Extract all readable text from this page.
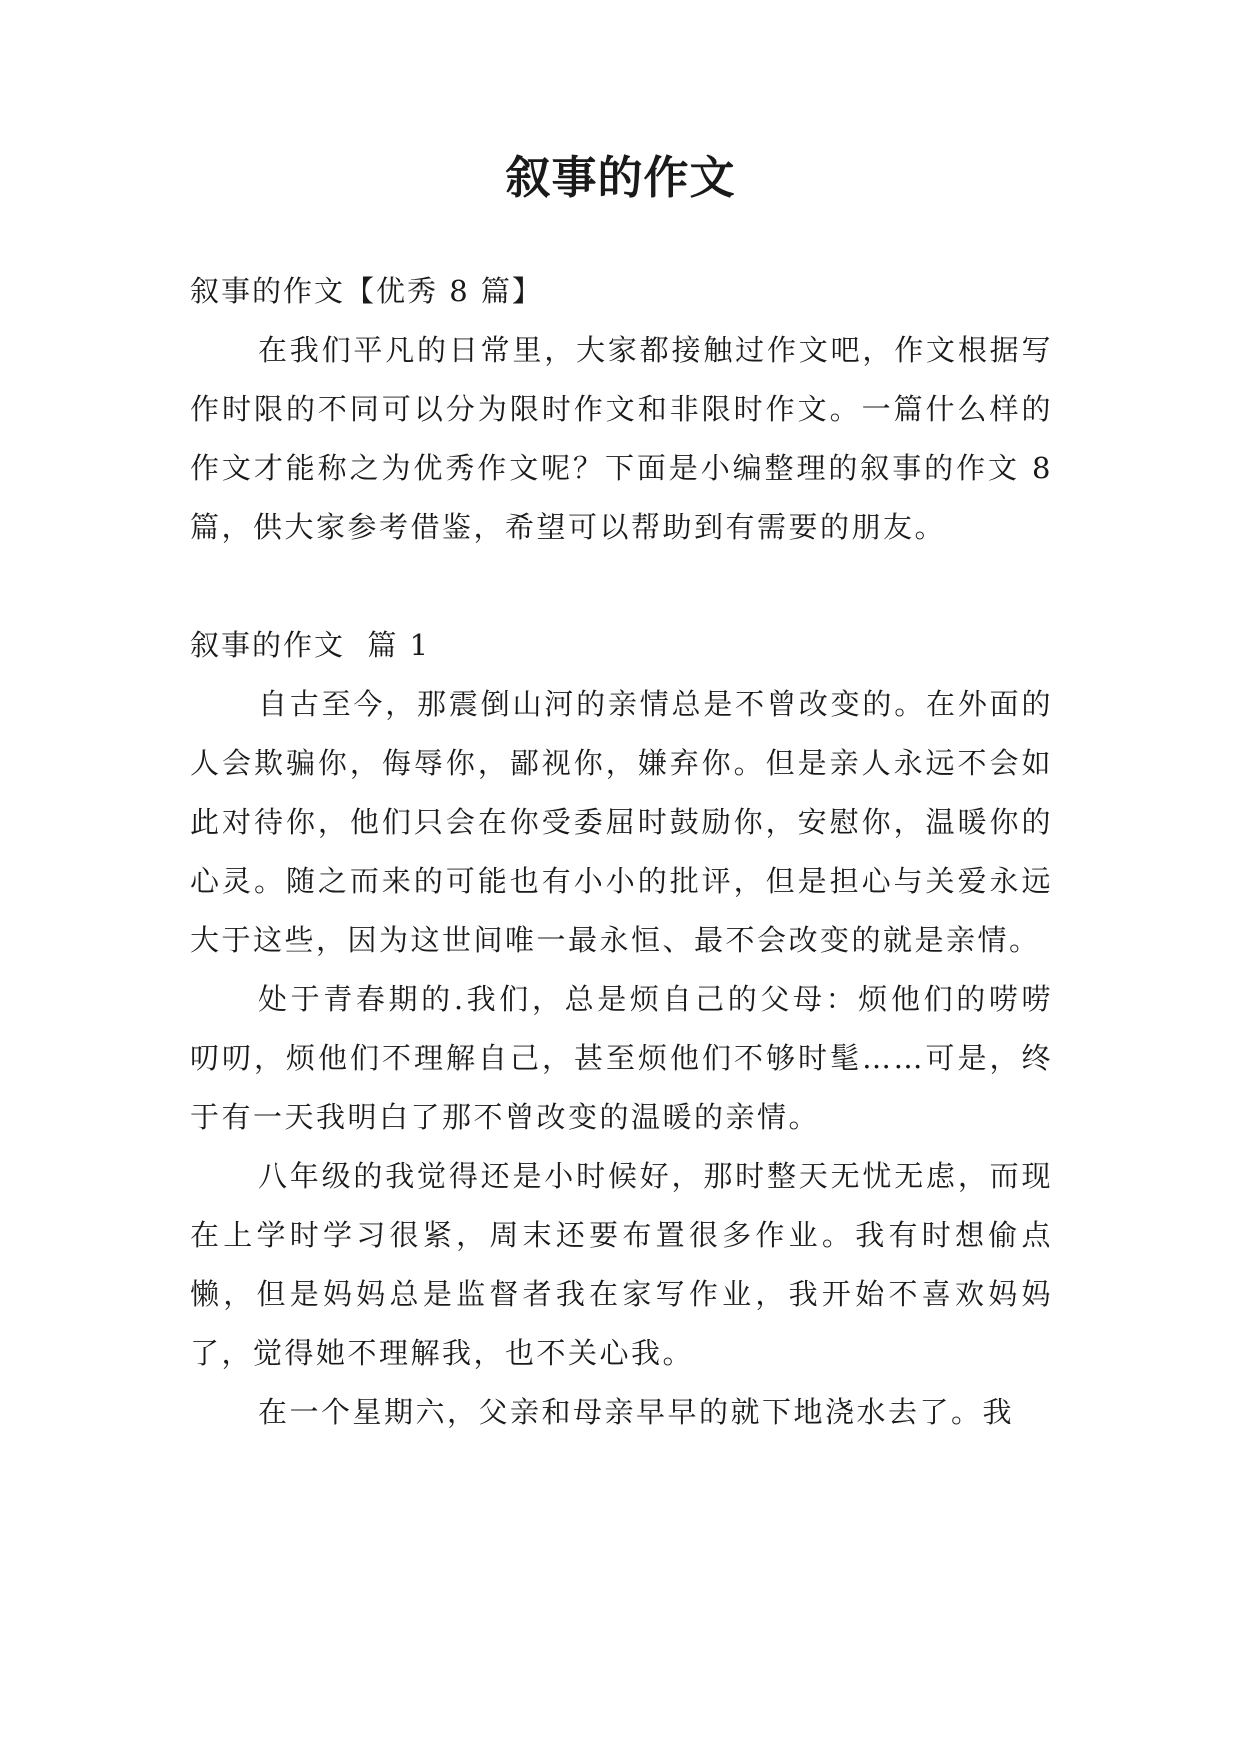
叙事的作文

叙事的作文【优秀 8 篇】

在我们平凡的日常里，大家都接触过作文吧，作文根据写作时限的不同可以分为限时作文和非限时作文。一篇什么样的作文才能称之为优秀作文呢？下面是小编整理的叙事的作文 8 篇，供大家参考借鉴，希望可以帮助到有需要的朋友。

叙事的作文  篇 1

自古至今，那震倒山河的亲情总是不曾改变的。在外面的人会欺骗你，侮辱你，鄙视你，嫌弃你。但是亲人永远不会如此对待你，他们只会在你受委屈时鼓励你，安慰你，温暖你的心灵。随之而来的可能也有小小的批评，但是担心与关爱永远大于这些，因为这世间唯一最永恒、最不会改变的就是亲情。

处于青春期的.我们，总是烦自己的父母：烦他们的唠唠叨叨，烦他们不理解自己，甚至烦他们不够时髦……可是，终于有一天我明白了那不曾改变的温暖的亲情。

八年级的我觉得还是小时候好，那时整天无忧无虑，而现在上学时学习很紧，周末还要布置很多作业。我有时想偷点懒，但是妈妈总是监督者我在家写作业，我开始不喜欢妈妈了，觉得她不理解我，也不关心我。

在一个星期六，父亲和母亲早早的就下地浇水去了。我
